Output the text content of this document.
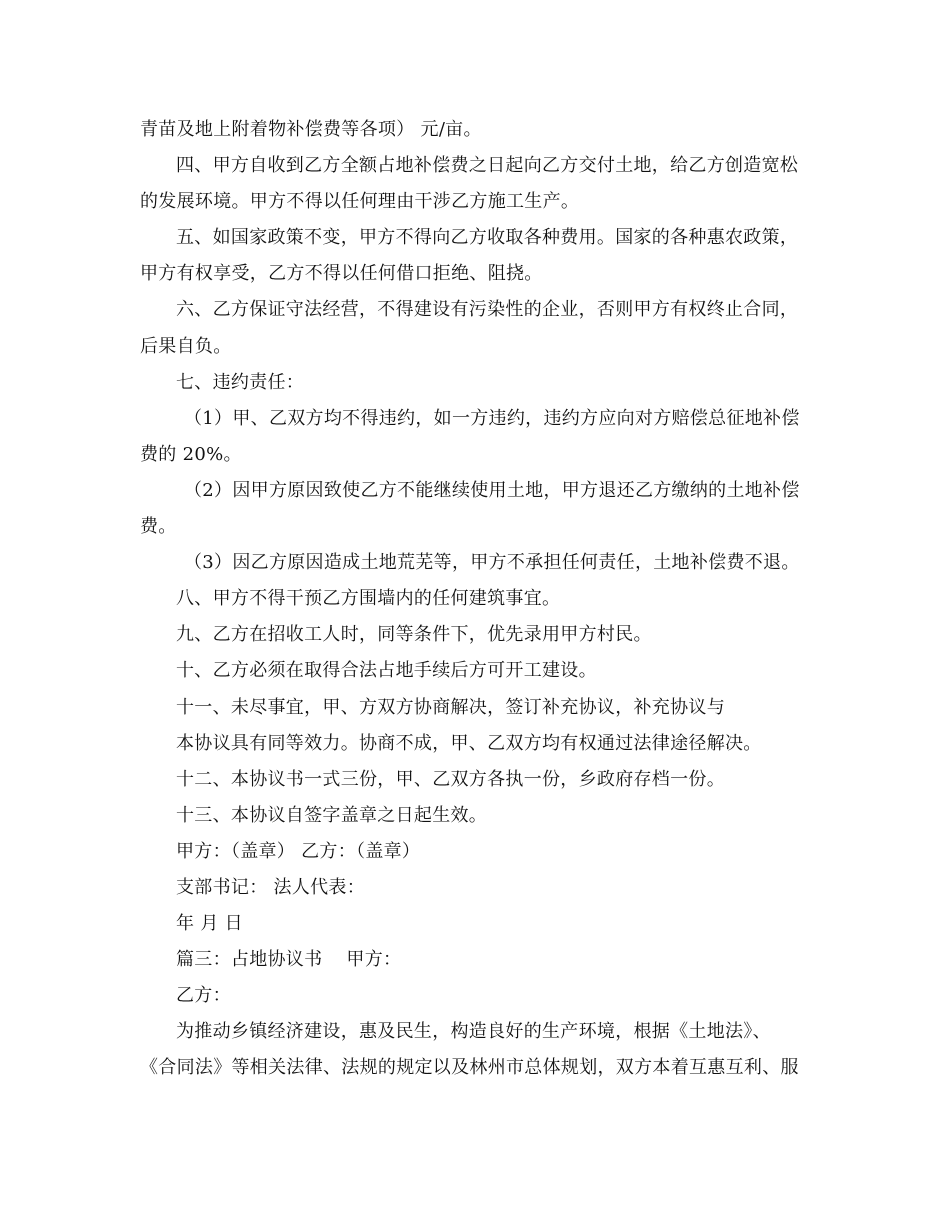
青苗及地上附着物补偿费等各项） 元/亩。
四、甲方自收到乙方全额占地补偿费之日起向乙方交付土地，给乙方创造宽松
的发展环境。甲方不得以任何理由干涉乙方施工生产。
五、如国家政策不变，甲方不得向乙方收取各种费用。国家的各种惠农政策，
甲方有权享受，乙方不得以任何借口拒绝、阻挠。
六、乙方保证守法经营，不得建设有污染性的企业，否则甲方有权终止合同，
后果自负。
七、违约责任：
（1）甲、乙双方均不得违约，如一方违约，违约方应向对方赔偿总征地补偿
费的 20%。
（2）因甲方原因致使乙方不能继续使用土地，甲方退还乙方缴纳的土地补偿
费。
（3）因乙方原因造成土地荒芜等，甲方不承担任何责任，土地补偿费不退。
八、甲方不得干预乙方围墙内的任何建筑事宜。
九、乙方在招收工人时，同等条件下，优先录用甲方村民。
十、乙方必须在取得合法占地手续后方可开工建设。
十一、未尽事宜，甲、方双方协商解决，签订补充协议，补充协议与
本协议具有同等效力。协商不成，甲、乙双方均有权通过法律途径解决。
十二、本协议书一式三份，甲、乙双方各执一份，乡政府存档一份。
十三、本协议自签字盖章之日起生效。
甲方：（盖章） 乙方：（盖章）
支部书记： 法人代表：
年 月 日
篇三：占地协议书 甲方：
乙方：
为推动乡镇经济建设，惠及民生，构造良好的生产环境，根据《土地法》、
《合同法》等相关法律、法规的规定以及林州市总体规划，双方本着互惠互利、服
